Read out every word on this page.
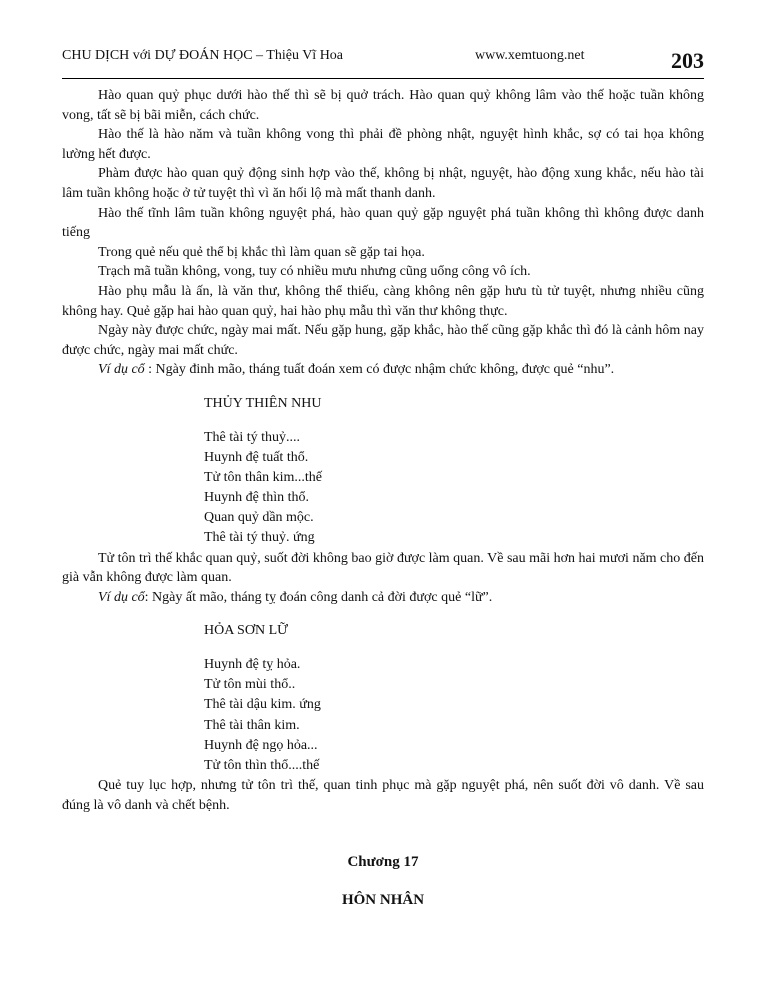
CHU DỊCH với DỰ ĐOÁN HỌC – Thiệu Vĩ Hoa	www.xemtuong.net	203

Hào quan quỷ phục dưới hào thế thì sẽ bị quở trách. Hào quan quỷ không lâm vào thế hoặc tuần không vong, tất sẽ bị bãi miễn, cách chức.

Hào thế là hào năm và tuần không vong thì phải đề phòng nhật, nguyệt hình khắc, sợ có tai họa không lường hết được.

Phàm được hào quan quỷ động sinh hợp vào thế, không bị nhật, nguyệt, hào động xung khắc, nếu hào tài lâm tuần không hoặc ở tử tuyệt thì vì ăn hối lộ mà mất thanh danh.

Hào thế tĩnh lâm tuần không nguyệt phá, hào quan quỷ gặp nguyệt phá tuần không thì không được danh tiếng

Trong quẻ nếu quẻ thể bị khắc thì làm quan sẽ gặp tai họa.

Trạch mã tuần không, vong, tuy có nhiều mưu nhưng cũng uổng công vô ích.

Hào phụ mẫu là ấn, là văn thư, không thể thiếu, càng không nên gặp hưu tù tử tuyệt, nhưng nhiều cũng không hay. Quẻ gặp hai hào quan quỷ, hai hào phụ mẫu thì văn thư không thực.

Ngày này được chức, ngày mai mất. Nếu gặp hung, gặp khắc, hào thế cũng gặp khắc thì đó là cảnh hôm nay được chức, ngày mai mất chức.

Ví dụ cổ : Ngày đinh mão, tháng tuất đoán xem có được nhậm chức không, được quẻ “nhu”.

THỦY THIÊN NHU
Thê tài tý thuỷ....
Huynh đệ tuất thổ.
Tử tôn thân kim...thế
Huynh đệ thìn thổ.
Quan quỷ dần mộc.
Thê tài tý thuỷ. ứng

Tử tôn trì thế khắc quan quỷ, suốt đời không bao giờ được làm quan. Về sau mãi hơn hai mươi năm cho đến già vẫn không được làm quan.

Ví dụ cổ: Ngày ất mão, tháng tỵ đoán công danh cả đời được quẻ “lữ”.

HỎA SƠN LỮ
Huynh đệ tỵ hỏa.
Tử tôn mùi thổ..
Thê tài dậu kim. ứng
Thê tài thân kim.
Huynh đệ ngọ hỏa...
Tử tôn thìn thổ....thế

Quẻ tuy lục hợp, nhưng tử tôn trì thế, quan tinh phục mà gặp nguyệt phá, nên suốt đời vô danh. Về sau đúng là vô danh và chết bệnh.

Chương 17
HÔN NHÂN
